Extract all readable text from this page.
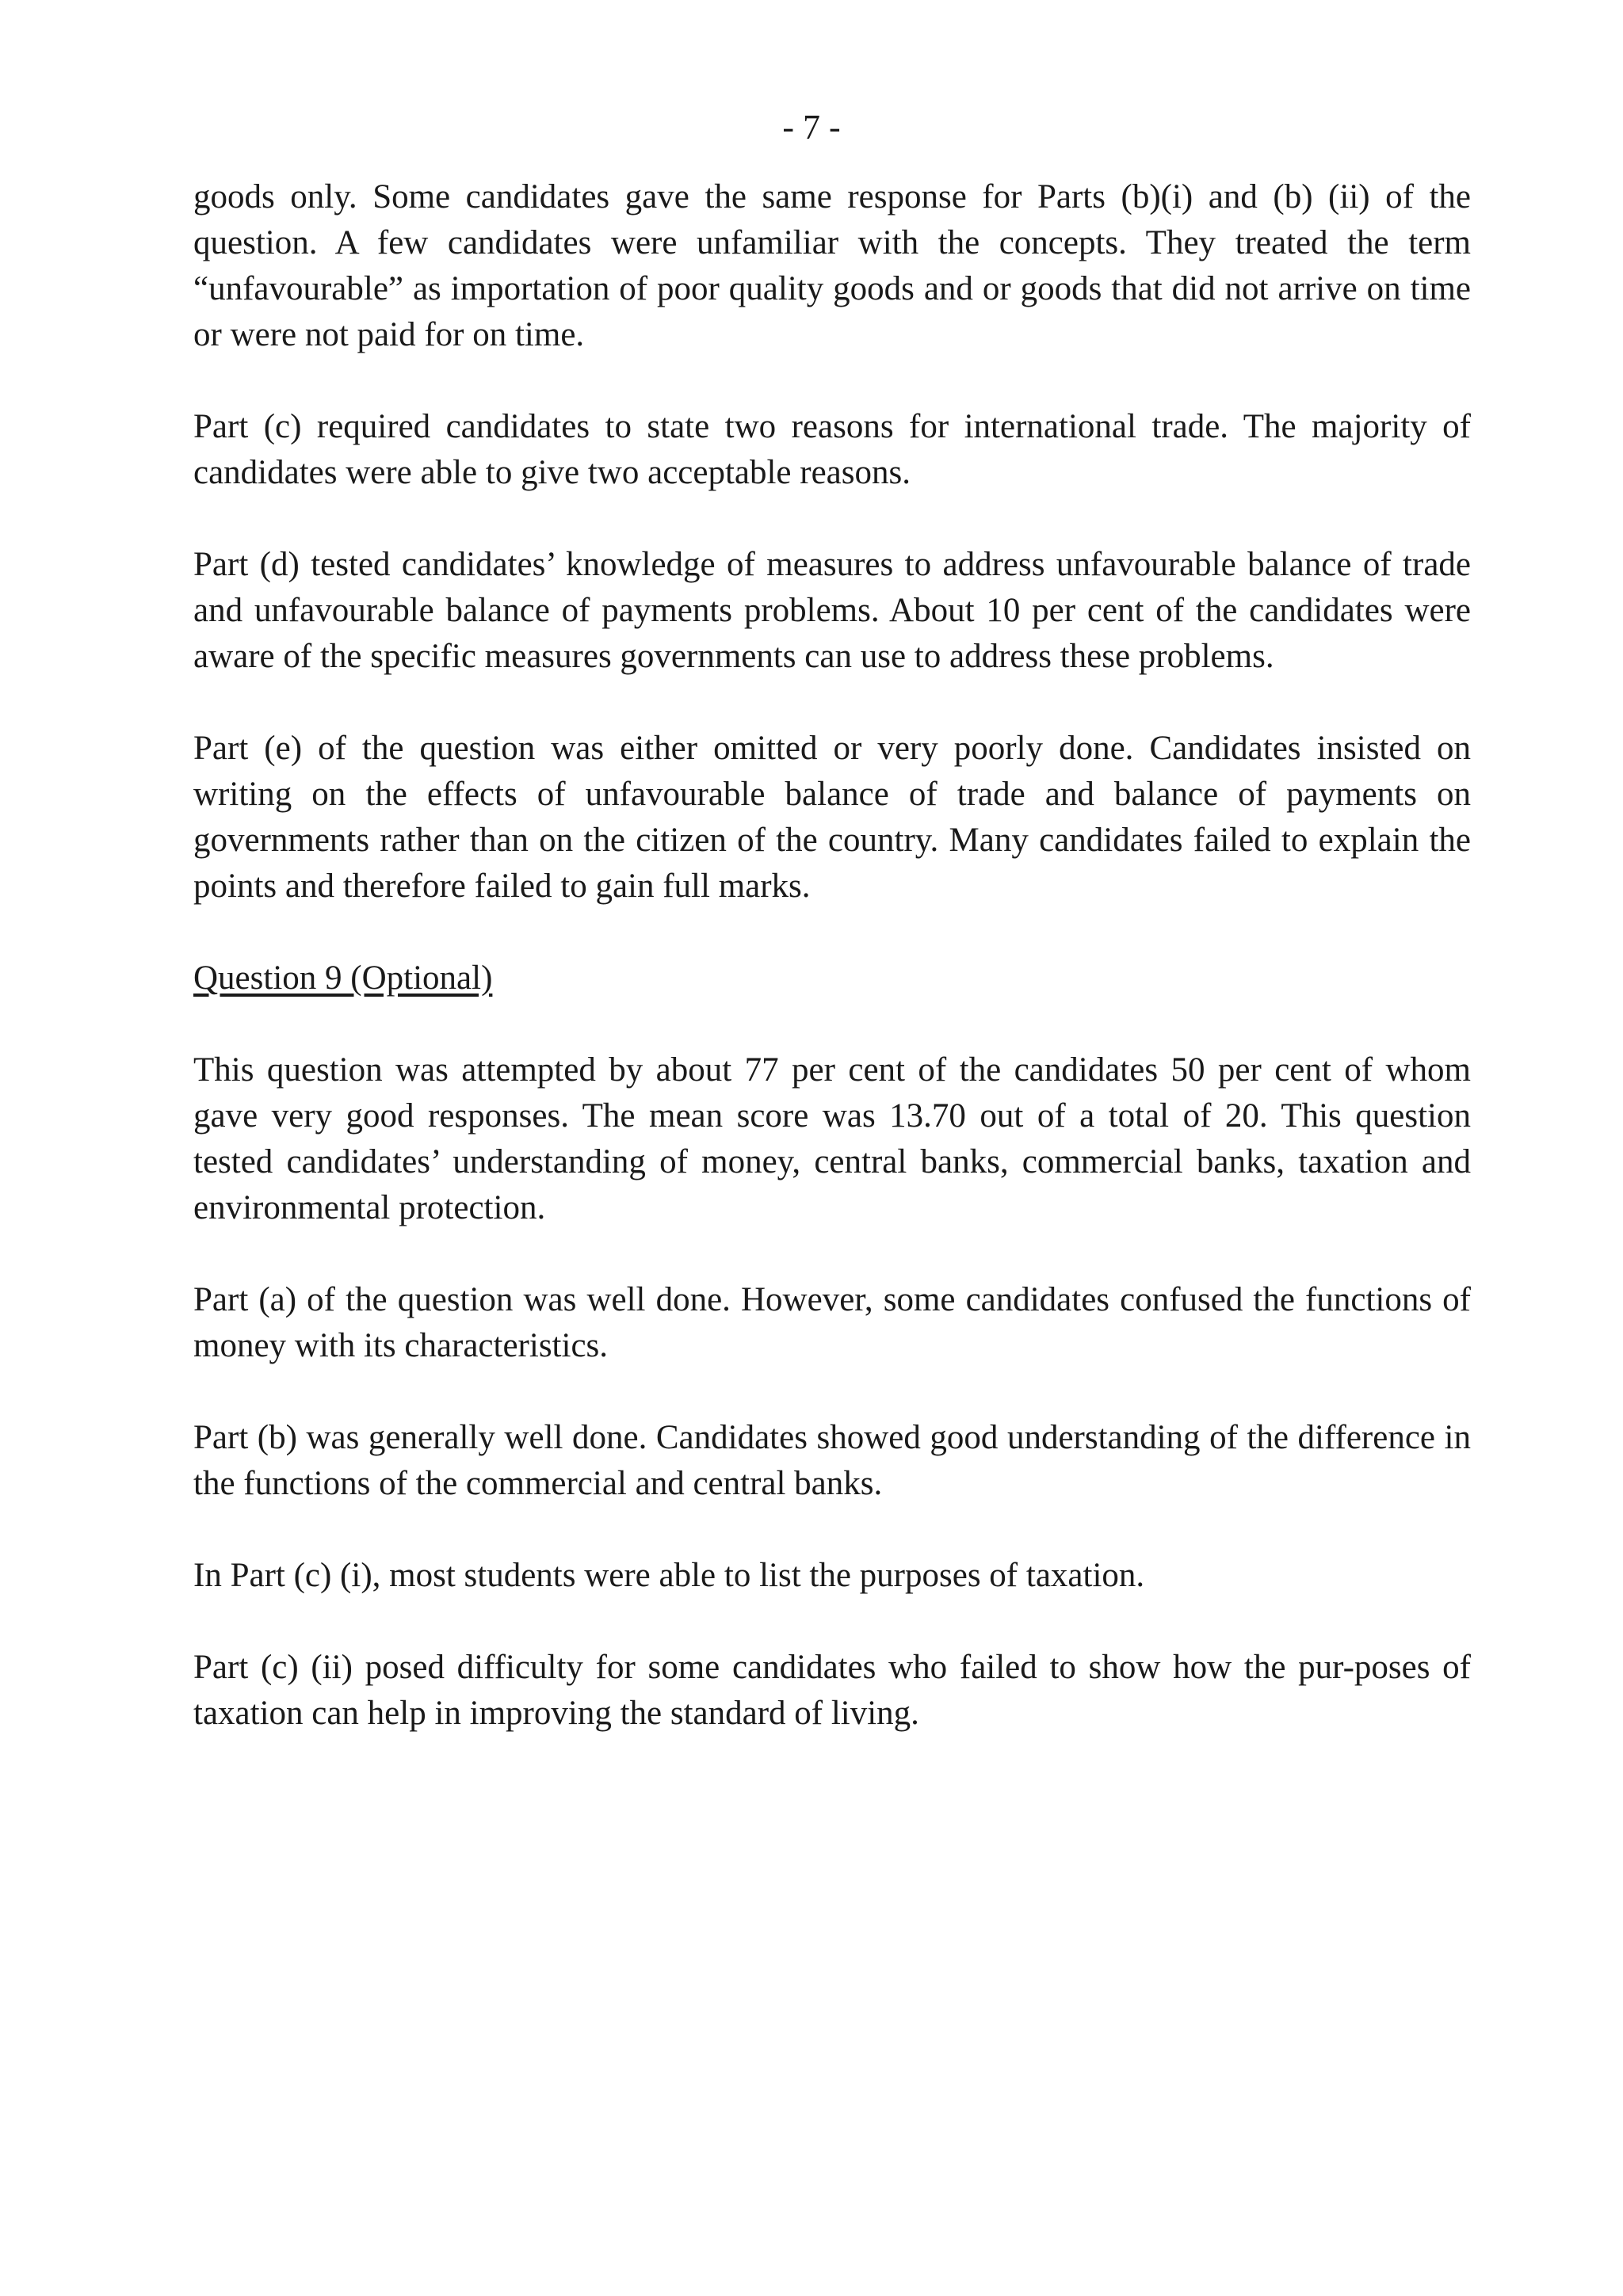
- 7 -

goods only. Some candidates gave the same response for Parts (b)(i) and (b) (ii) of the question. A few candidates were unfamiliar with the concepts. They treated the term “unfavourable” as importation of poor quality goods and or goods that did not arrive on time or were not paid for on time.

Part (c) required candidates to state two reasons for international trade. The majority of candidates were able to give two acceptable reasons.

Part (d) tested candidates’ knowledge of measures to address unfavourable balance of trade and unfavourable balance of payments problems. About 10 per cent of the candidates were aware of the specific measures governments can use to address these problems.

Part (e) of the question was either omitted or very poorly done. Candidates insisted on writing on the effects of unfavourable balance of trade and balance of payments on governments rather than on the citizen of the country. Many candidates failed to explain the points and therefore failed to gain full marks.

Question 9 (Optional)

This question was attempted by about 77 per cent of the candidates 50 per cent of whom gave very good responses. The mean score was 13.70 out of a total of 20. This question tested candidates’ understanding of money, central banks, commercial banks, taxation and environmental protection.

Part (a) of the question was well done. However, some candidates confused the functions of money with its characteristics.

Part (b) was generally well done. Candidates showed good understanding of the difference in the functions of the commercial and central banks.

In Part (c) (i), most students were able to list the purposes of taxation.

Part (c) (ii) posed difficulty for some candidates who failed to show how the pur-poses of taxation can help in improving the standard of living.
